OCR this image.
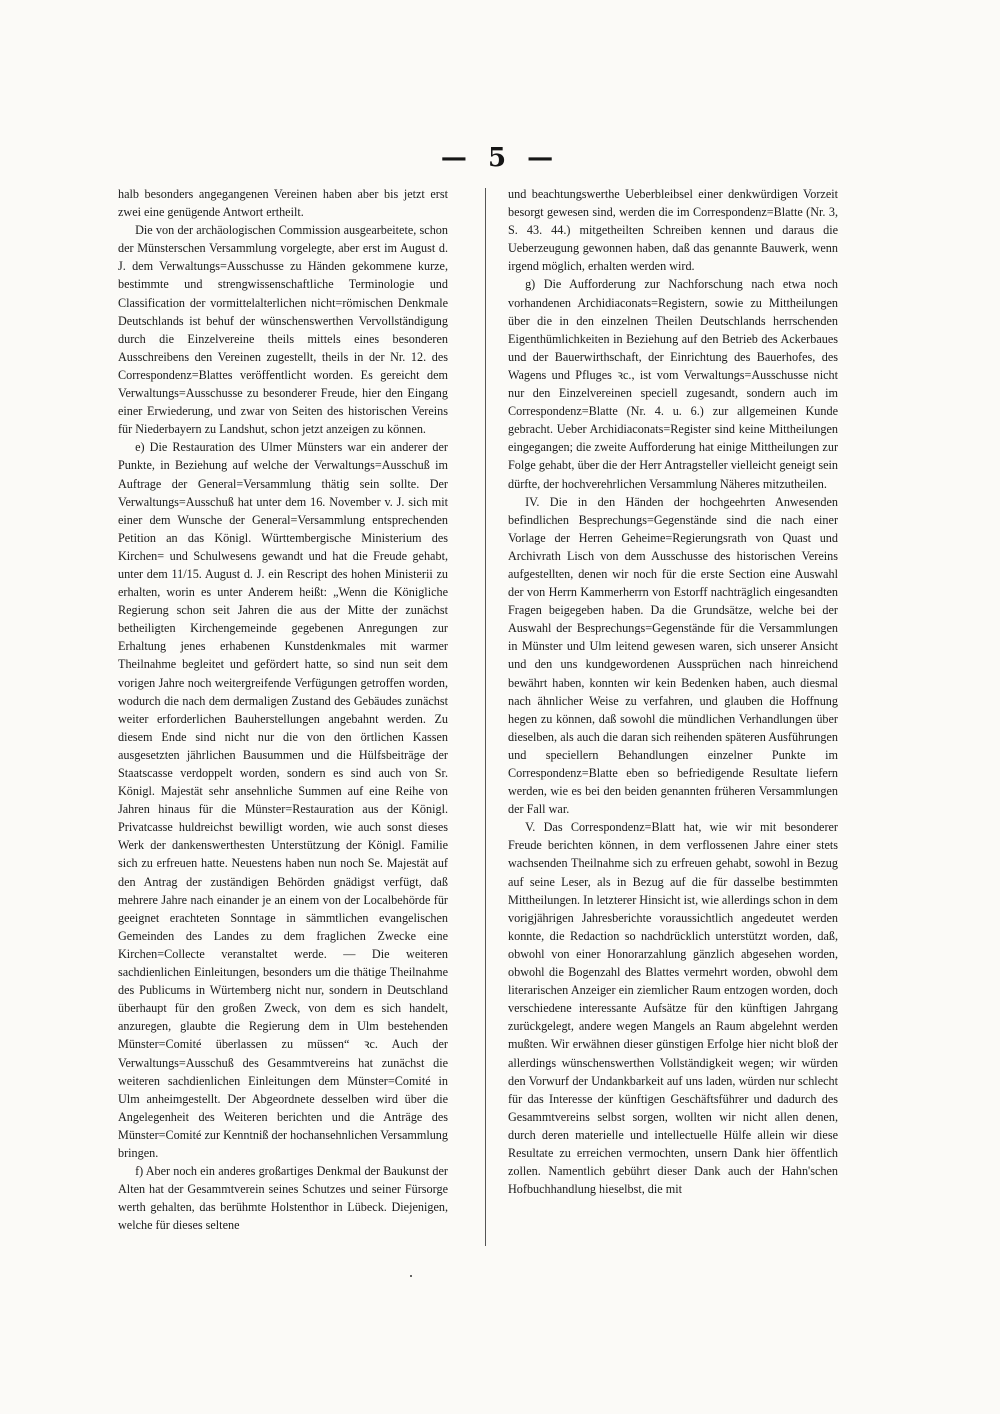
— 5 —

halb besonders angegangenen Vereinen haben aber bis jetzt erst zwei eine genügende Antwort ertheilt.

Die von der archäologischen Commission ausgearbeitete, schon der Münsterschen Versammlung vorgelegte, aber erst im August d. J. dem Verwaltungs=Ausschusse zu Händen gekommene kurze, bestimmte und strengwissenschaftliche Terminologie und Classification der vormittelalterlichen nicht=römischen Denkmale Deutschlands ist behuf der wünschenswerthen Vervollständigung durch die Einzelvereine theils mittels eines besonderen Ausschreibens den Vereinen zugestellt, theils in der Nr. 12. des Correspondenz=Blattes veröffentlicht worden. Es gereicht dem Verwaltungs=Ausschusse zu besonderer Freude, hier den Eingang einer Erwiederung, und zwar von Seiten des historischen Vereins für Niederbayern zu Landshut, schon jetzt anzeigen zu können.

e) Die Restauration des Ulmer Münsters war ein anderer der Punkte, in Beziehung auf welche der Verwaltungs=Ausschuß im Auftrage der General=Versammlung thätig sein sollte. Der Verwaltungs=Ausschuß hat unter dem 16. November v. J. sich mit einer dem Wunsche der General=Versammlung entsprechenden Petition an das Königl. Württembergische Ministerium des Kirchen= und Schulwesens gewandt und hat die Freude gehabt, unter dem 11/15. August d. J. ein Rescript des hohen Ministerii zu erhalten, worin es unter Anderem heißt: „Wenn die Königliche Regierung schon seit Jahren die aus der Mitte der zunächst betheiligten Kirchengemeinde gegebenen Anregungen zur Erhaltung jenes erhabenen Kunstdenkmales mit warmer Theilnahme begleitet und gefördert hatte, so sind nun seit dem vorigen Jahre noch weitergreifende Verfügungen getroffen worden, wodurch die nach dem dermaligen Zustand des Gebäudes zunächst weiter erforderlichen Bauherstellungen angebahnt werden. Zu diesem Ende sind nicht nur die von den örtlichen Kassen ausgesetzten jährlichen Bausummen und die Hülfsbeiträge der Staatscasse verdoppelt worden, sondern es sind auch von Sr. Königl. Majestät sehr ansehnliche Summen auf eine Reihe von Jahren hinaus für die Münster=Restauration aus der Königl. Privatcasse huldreichst bewilligt worden, wie auch sonst dieses Werk der dankenswerthesten Unterstützung der Königl. Familie sich zu erfreuen hatte. Neuestens haben nun noch Se. Majestät auf den Antrag der zuständigen Behörden gnädigst verfügt, daß mehrere Jahre nach einander je an einem von der Localbehörde für geeignet erachteten Sonntage in sämmtlichen evangelischen Gemeinden des Landes zu dem fraglichen Zwecke eine Kirchen=Collecte veranstaltet werde. — Die weiteren sachdienlichen Einleitungen, besonders um die thätige Theilnahme des Publicums in Würtemberg nicht nur, sondern in Deutschland überhaupt für den großen Zweck, von dem es sich handelt, anzuregen, glaubte die Regierung dem in Ulm bestehenden Münster=Comité überlassen zu müssen“ ꝛc. Auch der Verwaltungs=Ausschuß des Gesammtvereins hat zunächst die weiteren sachdienlichen Einleitungen dem Münster=Comité in Ulm anheimgestellt. Der Abgeordnete desselben wird über die Angelegenheit des Weiteren berichten und die Anträge des Münster=Comité zur Kenntniß der hochansehnlichen Versammlung bringen.

f) Aber noch ein anderes großartiges Denkmal der Baukunst der Alten hat der Gesammtverein seines Schutzes und seiner Fürsorge werth gehalten, das berühmte Holstenthor in Lübeck. Diejenigen, welche für dieses seltene

und beachtungswerthe Ueberbleibsel einer denkwürdigen Vorzeit besorgt gewesen sind, werden die im Correspondenz=Blatte (Nr. 3, S. 43. 44.) mitgetheilten Schreiben kennen und daraus die Ueberzeugung gewonnen haben, daß das genannte Bauwerk, wenn irgend möglich, erhalten werden wird.

g) Die Aufforderung zur Nachforschung nach etwa noch vorhandenen Archidiaconats=Registern, sowie zu Mittheilungen über die in den einzelnen Theilen Deutschlands herrschenden Eigenthümlichkeiten in Beziehung auf den Betrieb des Ackerbaues und der Bauerwirthschaft, der Einrichtung des Bauerhofes, des Wagens und Pfluges ꝛc., ist vom Verwaltungs=Ausschusse nicht nur den Einzelvereinen speciell zugesandt, sondern auch im Correspondenz=Blatte (Nr. 4. u. 6.) zur allgemeinen Kunde gebracht. Ueber Archidiaconats=Register sind keine Mittheilungen eingegangen; die zweite Aufforderung hat einige Mittheilungen zur Folge gehabt, über die der Herr Antragsteller vielleicht geneigt sein dürfte, der hochverehrlichen Versammlung Näheres mitzutheilen.

IV. Die in den Händen der hochgeehrten Anwesenden befindlichen Besprechungs=Gegenstände sind die nach einer Vorlage der Herren Geheime=Regierungsrath von Quast und Archivrath Lisch von dem Ausschusse des historischen Vereins aufgestellten, denen wir noch für die erste Section eine Auswahl der von Herrn Kammerherrn von Estorff nachträglich eingesandten Fragen beigegeben haben. Da die Grundsätze, welche bei der Auswahl der Besprechungs=Gegenstände für die Versammlungen in Münster und Ulm leitend gewesen waren, sich unserer Ansicht und den uns kundgewordenen Aussprüchen nach hinreichend bewährt haben, konnten wir kein Bedenken haben, auch diesmal nach ähnlicher Weise zu verfahren, und glauben die Hoffnung hegen zu können, daß sowohl die mündlichen Verhandlungen über dieselben, als auch die daran sich reihenden späteren Ausführungen und speciellern Behandlungen einzelner Punkte im Correspondenz=Blatte eben so befriedigende Resultate liefern werden, wie es bei den beiden genannten früheren Versammlungen der Fall war.

V. Das Correspondenz=Blatt hat, wie wir mit besonderer Freude berichten können, in dem verflossenen Jahre einer stets wachsenden Theilnahme sich zu erfreuen gehabt, sowohl in Bezug auf seine Leser, als in Bezug auf die für dasselbe bestimmten Mittheilungen. In letzterer Hinsicht ist, wie allerdings schon in dem vorigjährigen Jahresberichte voraussichtlich angedeutet werden konnte, die Redaction so nachdrücklich unterstützt worden, daß, obwohl von einer Honorarzahlung gänzlich abgesehen worden, obwohl die Bogenzahl des Blattes vermehrt worden, obwohl dem literarischen Anzeiger ein ziemlicher Raum entzogen worden, doch verschiedene interessante Aufsätze für den künftigen Jahrgang zurückgelegt, andere wegen Mangels an Raum abgelehnt werden mußten. Wir erwähnen dieser günstigen Erfolge hier nicht bloß der allerdings wünschenswerthen Vollständigkeit wegen; wir würden den Vorwurf der Undankbarkeit auf uns laden, würden nur schlecht für das Interesse der künftigen Geschäftsführer und dadurch des Gesammtvereins selbst sorgen, wollten wir nicht allen denen, durch deren materielle und intellectuelle Hülfe allein wir diese Resultate zu erreichen vermochten, unsern Dank hier öffentlich zollen. Namentlich gebührt dieser Dank auch der Hahn'schen Hofbuchhandlung hieselbst, die mit
